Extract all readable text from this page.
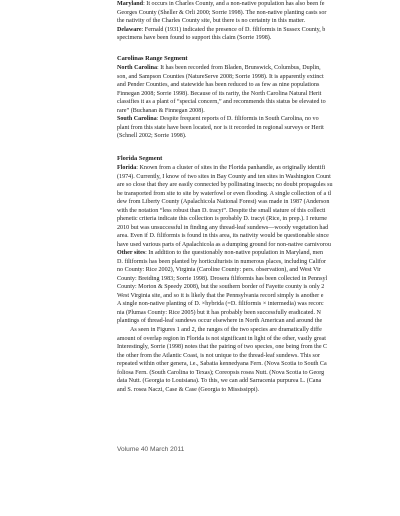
Maryland: It occurs in Charles County, and a non-native population has also been fe
Georges County (Sheller & Orli 2000; Sorrie 1998). The non-native planting casts sor
the nativity of the Charles County site, but there is no certainty in this matter.
Delaware: Fernald (1931) indicated the presence of D. filiformis in Sussex County, b
specimens have been found to support this claim (Sorrie 1998).
Carolinas Range Segment
North Carolina: It has been recorded from Bladen, Brunswick, Columbus, Duplin,
son, and Sampson Counties (NatureServe 2008; Sorrie 1998). It is apparently extinct
and Pender Counties, and statewide has been reduced to as few as nine populations
Finnegan 2008; Sorrie 1998). Because of its rarity, the North Carolina Natural Herit
classifies it as a plant of “special concern,” and recommends this status be elevated to
rare” (Buchanan & Finnegan 2008).
South Carolina: Despite frequent reports of D. filiformis in South Carolina, no vo
plant from this state have been located, nor is it recorded in regional surveys or Herit
(Schnell 2002; Sorrie 1998).
Florida Segment
Florida: Known from a cluster of sites in the Florida panhandle, as originally identifi
(1974). Currently, I know of two sites in Bay County and ten sites in Washington Count
are so close that they are easily connected by pollinating insects; no doubt propagules su
be transported from site to site by waterfowl or even flooding. A single collection of a tl
dew from Liberty County (Apalachicola National Forest) was made in 1987 (Anderson
with the notation “less robust than D. tracyi”. Despite the small stature of this collecti
phenetic criteria indicate this collection is probably D. tracyi (Rice, in prep.). I returne
2010 but was unsuccessful in finding any thread-leaf sundews—woody vegetation had
area. Even if D. filiformis is found in this area, its nativity would be questionable since
have used various parts of Apalachicola as a dumping ground for non-native carnivorou
Other sites: In addition to the questionably non-native population in Maryland, men
D. filiformis has been planted by horticulturists in numerous places, including Califor
no County: Rice 2002), Virginia (Caroline County: pers. observation), and West Vir
County: Breiding 1983; Sorrie 1998). Drosera filiformis has been collected in Pennsyl
County: Morton & Speedy 2008), but the southern border of Fayette county is only 2
West Virginia site, and so it is likely that the Pennsylvania record simply is another e
A single non-native planting of D. ×hybrida (=D. filiformis × intermedia) was recorc
nia (Plumas County: Rice 2005) but it has probably been successfully eradicated. N
plantings of thread-leaf sundews occur elsewhere in North American and around the
As seen in Figures 1 and 2, the ranges of the two species are dramatically diffe
amount of overlap region in Florida is not significant in light of the other, vastly great
Interestingly, Sorrie (1998) notes that the pairing of two species, one being from the C
the other from the Atlantic Coast, is not unique to the thread-leaf sundews. This sor
repeated within other genera, i.e., Sabatia kennedyana Fern. (Nova Scotia to South Ca
foliosa Fern. (South Carolina to Texas); Coreopsis rosea Nutt. (Nova Scotia to Georg
data Nutt. (Georgia to Louisiana). To this, we can add Sarracenia purpurea L. (Cana
and S. rosea Naczi, Case & Case (Georgia to Mississippi).
Volume 40 March 2011
